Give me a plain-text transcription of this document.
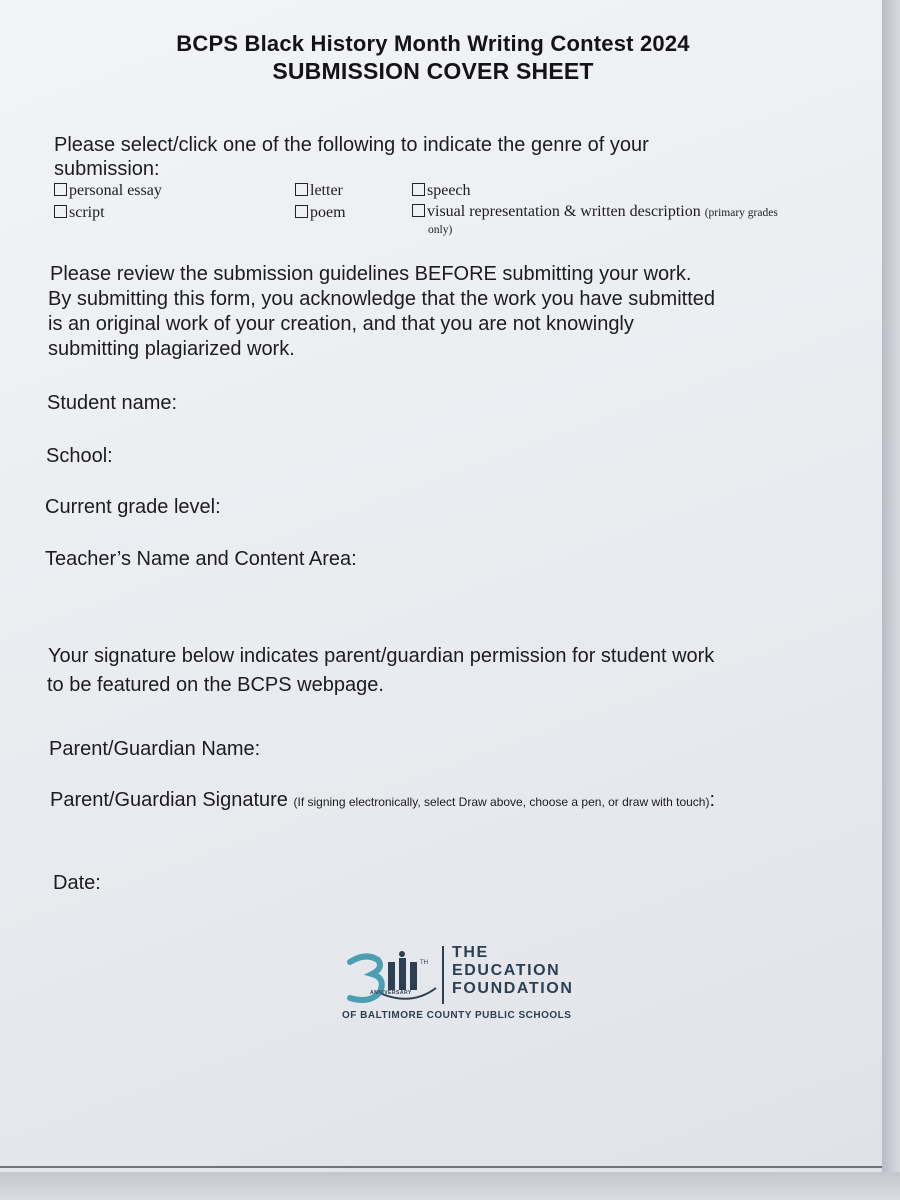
BCPS Black History Month Writing Contest 2024
SUBMISSION COVER SHEET
Please select/click one of the following to indicate the genre of your
submission:
personal essay	letter	speech
script	poem	visual representation & written description (primary grades
only)
Please review the submission guidelines BEFORE submitting your work.
By submitting this form, you acknowledge that the work you have submitted
is an original work of your creation, and that you are not knowingly
submitting plagiarized work.
Student name:
School:
Current grade level:
Teacher’s Name and Content Area:
Your signature below indicates parent/guardian permission for student work
to be featured on the BCPS webpage.
Parent/Guardian Name:
Parent/Guardian Signature (If signing electronically, select Draw above, choose a pen, or draw with touch):
Date:
TH
ANNIVERSARY
THE
EDUCATION
FOUNDATION
OF BALTIMORE COUNTY PUBLIC SCHOOLS
